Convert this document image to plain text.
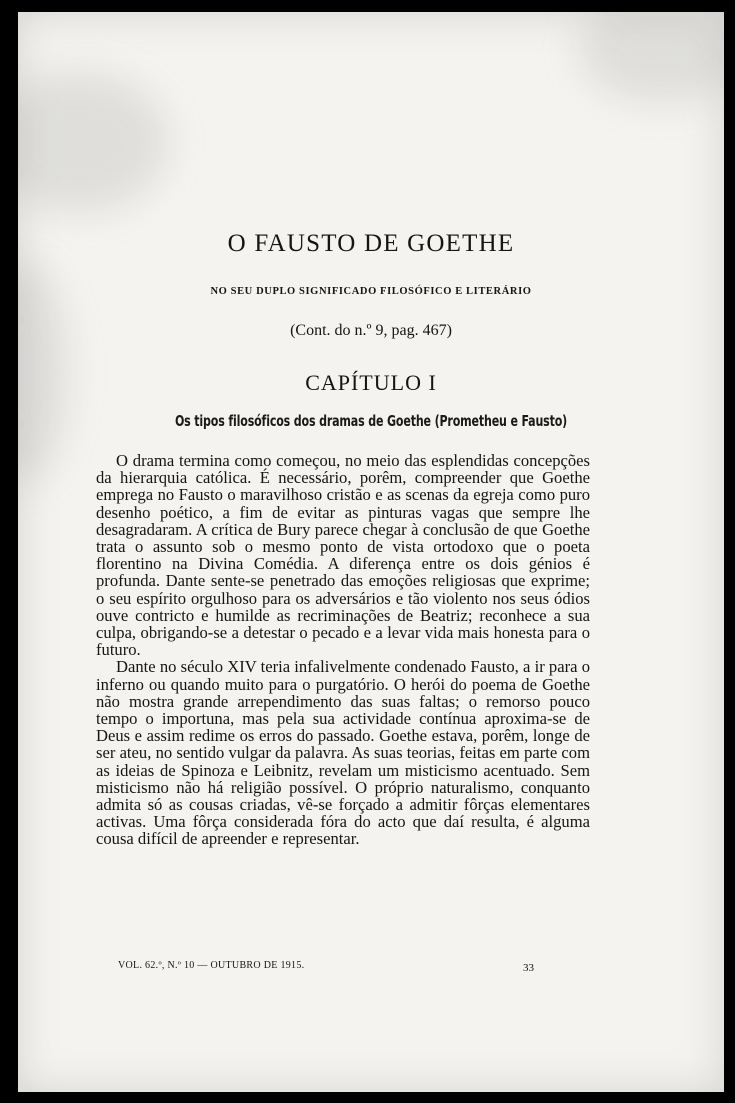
O FAUSTO DE GOETHE
NO SEU DUPLO SIGNIFICADO FILOSÓFICO E LITERÁRIO
(Cont. do n.º 9, pag. 467)
CAPÍTULO I
Os tipos filosóficos dos dramas de Goethe (Prometheu e Fausto)

O drama termina como começou, no meio das esplendidas concepções da hierarquia católica. É necessário, porêm, compreender que Goethe emprega no Fausto o maravilhoso cristão e as scenas da egreja como puro desenho poético, a fim de evitar as pinturas vagas que sempre lhe desagradaram. A crítica de Bury parece chegar à conclusão de que Goethe trata o assunto sob o mesmo ponto de vista ortodoxo que o poeta florentino na Divina Comédia. A diferença entre os dois génios é profunda. Dante sente-se penetrado das emoções religiosas que exprime; o seu espírito orgulhoso para os adversários e tão violento nos seus ódios ouve contricto e humilde as recriminações de Beatriz; reconhece a sua culpa, obrigando-se a detestar o pecado e a levar vida mais honesta para o futuro.

Dante no século XIV teria infalivelmente condenado Fausto, a ir para o inferno ou quando muito para o purgatório. O herói do poema de Goethe não mostra grande arrependimento das suas faltas; o remorso pouco tempo o importuna, mas pela sua actividade contínua aproxima-se de Deus e assim redime os erros do passado. Goethe estava, porêm, longe de ser ateu, no sentido vulgar da palavra. As suas teorias, feitas em parte com as ideias de Spinoza e Leibnitz, revelam um misticismo acentuado. Sem misticismo não há religião possível. O próprio naturalismo, conquanto admita só as cousas criadas, vê-se forçado a admitir fôrças elementares activas. Uma fôrça considerada fóra do acto que daí resulta, é alguma cousa difícil de apreender e representar.

VOL. 62.º, N.º 10 — OUTUBRO DE 1915.	33
